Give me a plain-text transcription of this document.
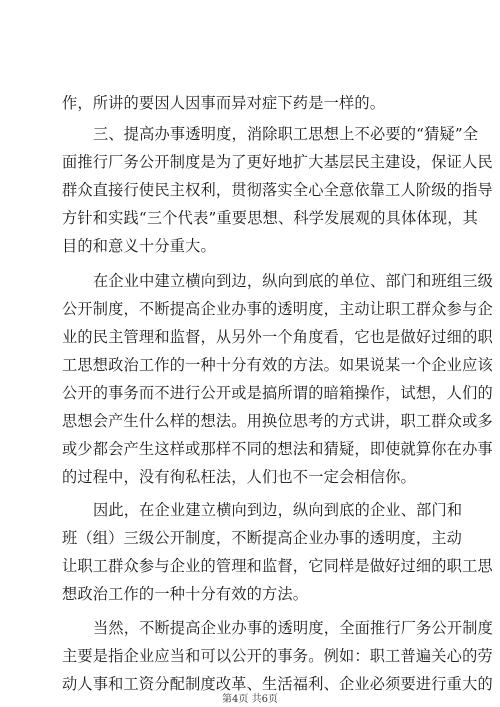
作，所讲的要因人因事而异对症下药是一样的。
三、提高办事透明度，消除职工思想上不必要的“猜疑”全
面推行厂务公开制度是为了更好地扩大基层民主建设，保证人民
群众直接行使民主权利，贯彻落实全心全意依靠工人阶级的指导
方针和实践“三个代表”重要思想、科学发展观的具体体现，其
目的和意义十分重大。
在企业中建立横向到边，纵向到底的单位、部门和班组三级
公开制度，不断提高企业办事的透明度，主动让职工群众参与企
业的民主管理和监督，从另外一个角度看，它也是做好过细的职
工思想政治工作的一种十分有效的方法。如果说某一个企业应该
公开的事务而不进行公开或是搞所谓的暗箱操作，试想，人们的
思想会产生什么样的想法。用换位思考的方式讲，职工群众或多
或少都会产生这样或那样不同的想法和猜疑，即使就算你在办事
的过程中，没有徇私枉法，人们也不一定会相信你。
因此，在企业建立横向到边，纵向到底的企业、部门和
班（组）三级公开制度，不断提高企业办事的透明度，主动
让职工群众参与企业的管理和监督，它同样是做好过细的职工思
想政治工作的一种十分有效的方法。
当然，不断提高企业办事的透明度，全面推行厂务公开制度
主要是指企业应当和可以公开的事务。例如：职工普遍关心的劳
动人事和工资分配制度改革、生活福利、企业必须要进行重大的
第4页 共6页
